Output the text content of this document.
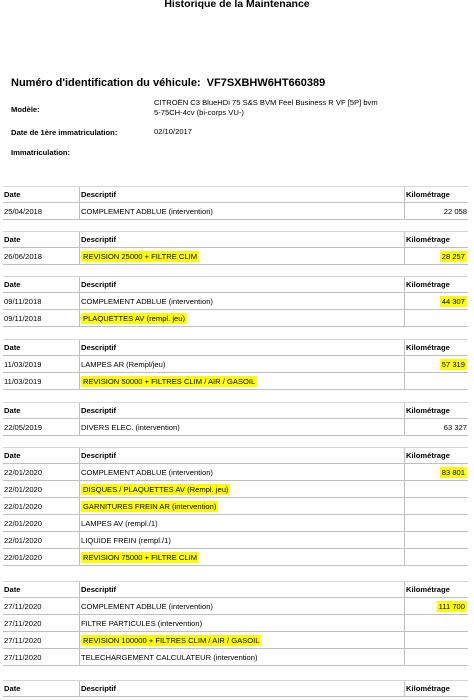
Historique de la Maintenance
Numéro d'identification du véhicule: VF7SXBHW6HT660389
Modèle:
CITROËN C3 BlueHDi 75 S&S BVM Feel Business R VF [5P] bvm
5-75CH-4cv (bi-corps VU-)
Date de 1ère immatriculation:	02/10/2017
Immatriculation:
Date	Descriptif	Kilométrage
25/04/2018	COMPLEMENT ADBLUE (intervention)	22 058
Date	Descriptif	Kilométrage
26/06/2018	REVISION 25000 + FILTRE CLIM	28 257
Date	Descriptif	Kilométrage
09/11/2018	COMPLEMENT ADBLUE (intervention)	44 307
09/11/2018	PLAQUETTES AV (rempl. jeu)
Date	Descriptif	Kilométrage
11/03/2019	LAMPES AR (Rempl/jeu)	57 319
11/03/2019	REVISION 50000 + FILTRES CLIM / AIR / GASOIL
Date	Descriptif	Kilométrage
22/05/2019	DIVERS ELEC. (intervention)	63 327
Date	Descriptif	Kilométrage
22/01/2020	COMPLEMENT ADBLUE (intervention)	83 801
22/01/2020	DISQUES / PLAQUETTES AV (Rempl. jeu)
22/01/2020	GARNITURES FREIN AR (intervention)
22/01/2020	LAMPES AV (rempl./1)
22/01/2020	LIQUIDE FREIN (rempl./1)
22/01/2020	REVISION 75000 + FILTRE CLIM
Date	Descriptif	Kilométrage
27/11/2020	COMPLEMENT ADBLUE (intervention)	111 700
27/11/2020	FILTRE PARTICULES (intervention)
27/11/2020	REVISION 100000 + FILTRES CLIM / AIR / GASOIL
27/11/2020	TELECHARGEMENT CALCULATEUR (intervention)
Date	Descriptif	Kilométrage
